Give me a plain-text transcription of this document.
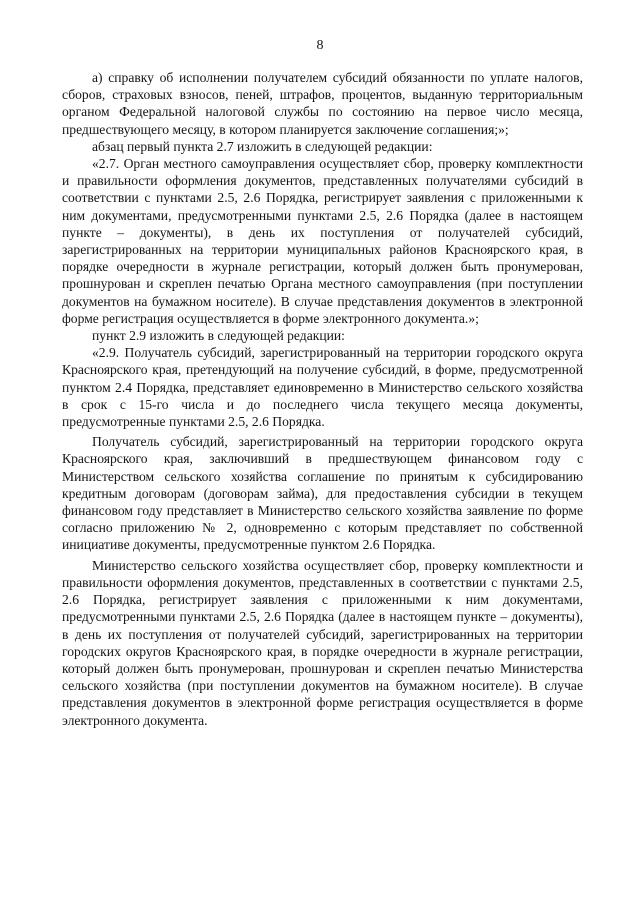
8

а) справку об исполнении получателем субсидий обязанности по уплате налогов, сборов, страховых взносов, пеней, штрафов, процентов, выданную территориальным органом Федеральной налоговой службы по состоянию на первое число месяца, предшествующего месяцу, в котором планируется заключение соглашения;»;

абзац первый пункта 2.7 изложить в следующей редакции:

«2.7. Орган местного самоуправления осуществляет сбор, проверку комплектности и правильности оформления документов, представленных получателями субсидий в соответствии с пунктами 2.5, 2.6 Порядка, регистрирует заявления с приложенными к ним документами, предусмотренными пунктами 2.5, 2.6 Порядка (далее в настоящем пункте – документы), в день их поступления от получателей субсидий, зарегистрированных на территории муниципальных районов Красноярского края, в порядке очередности в журнале регистрации, который должен быть пронумерован, прошнурован и скреплен печатью Органа местного самоуправления (при поступлении документов на бумажном носителе). В случае представления документов в электронной форме регистрация осуществляется в форме электронного документа.»;

пункт 2.9 изложить в следующей редакции:

«2.9. Получатель субсидий, зарегистрированный на территории городского округа Красноярского края, претендующий на получение субсидий, в форме, предусмотренной пунктом 2.4 Порядка, представляет единовременно в Министерство сельского хозяйства в срок с 15-го числа и до последнего числа текущего месяца документы, предусмотренные пунктами 2.5, 2.6 Порядка.

Получатель субсидий, зарегистрированный на территории городского округа Красноярского края, заключивший в предшествующем финансовом году с Министерством сельского хозяйства соглашение по принятым к субсидированию кредитным договорам (договорам займа), для предоставления субсидии в текущем финансовом году представляет в Министерство сельского хозяйства заявление по форме согласно приложению № 2, одновременно с которым представляет по собственной инициативе документы, предусмотренные пунктом 2.6 Порядка.

Министерство сельского хозяйства осуществляет сбор, проверку комплектности и правильности оформления документов, представленных в соответствии с пунктами 2.5, 2.6 Порядка, регистрирует заявления с приложенными к ним документами, предусмотренными пунктами 2.5, 2.6 Порядка (далее в настоящем пункте – документы), в день их поступления от получателей субсидий, зарегистрированных на территории городских округов Красноярского края, в порядке очередности в журнале регистрации, который должен быть пронумерован, прошнурован и скреплен печатью Министерства сельского хозяйства (при поступлении документов на бумажном носителе). В случае представления документов в электронной форме регистрация осуществляется в форме электронного документа.
